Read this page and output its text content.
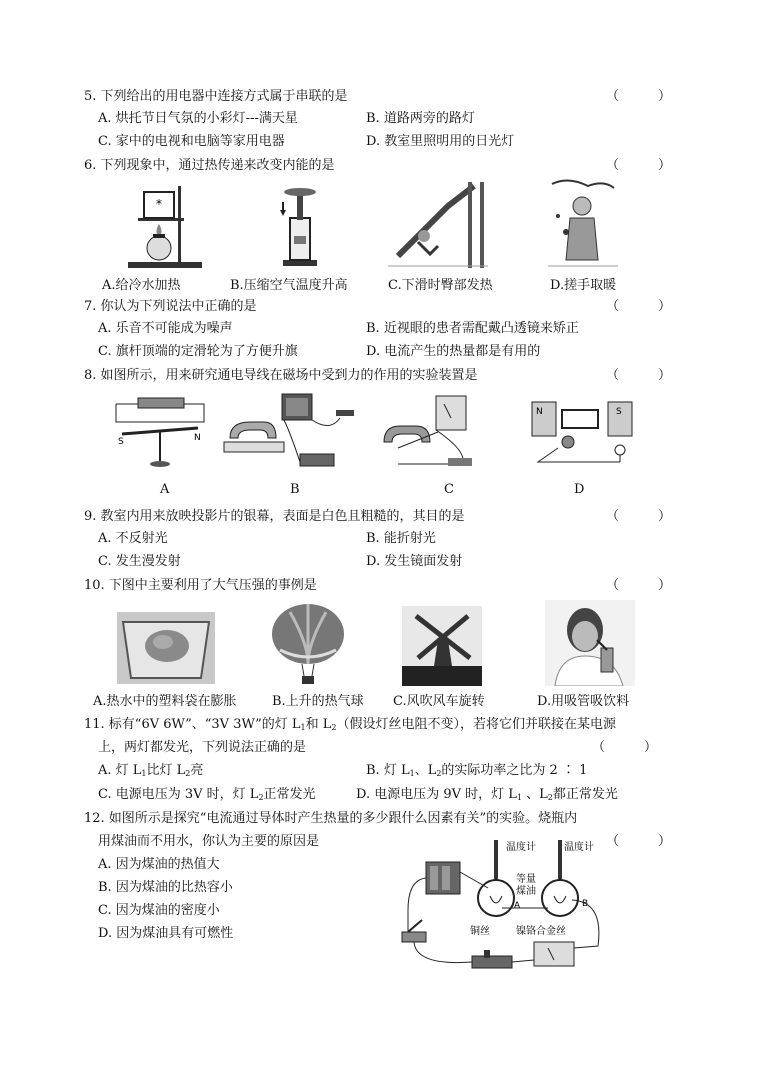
5. 下列给出的用电器中连接方式属于串联的是	（　　　）
A. 烘托节日气氛的小彩灯---满天星	B. 道路两旁的路灯
C. 家中的电视和电脑等家用电器	D. 教室里照明用的日光灯
6. 下列现象中，通过热传递来改变内能的是	（　　　）
*
A.给冷水加热	B.压缩空气温度升高	C.下滑时臀部发热	D.搓手取暖
7. 你认为下列说法中正确的是	（　　　）
A. 乐音不可能成为噪声	B. 近视眼的患者需配戴凸透镜来矫正
C. 旗杆顶端的定滑轮为了方便升旗	D. 电流产生的热量都是有用的
8. 如图所示，用来研究通电导线在磁场中受到力的作用的实验装置是	（　　　）
S	N
N	S
A	B	C	D
9. 教室内用来放映投影片的银幕，表面是白色且粗糙的，其目的是	（　　　）
A. 不反射光	B. 能折射光
C. 发生漫发射	D. 发生镜面发射
10. 下图中主要利用了大气压强的事例是	（　　　）
A.热水中的塑料袋在膨胀	B.上升的热气球 C.风吹风车旋转	D.用吸管吸饮料
11. 标有“6V 6W”、“3V 3W”的灯 $L_1$和 $L_2$（假设灯丝电阻不变），若将它们并联接在某电源
上，两灯都发光，下列说法正确的是	（　　　）
A. 灯 $L_1$比灯 $L_2$亮	B. 灯 $L_1$、$L_2$的实际功率之比为 2 ∶ 1
C. 电源电压为 3V 时，灯 $L_2$正常发光	D. 电源电压为 9V 时，灯 $L_1$ 、$L_2$都正常发光
12. 如图所示是探究“电流通过导体时产生热量的多少跟什么因素有关”的实验。烧瓶内
用煤油而不用水，你认为主要的原因是	（　　　）
A. 因为煤油的热值大
B. 因为煤油的比热容小
C. 因为煤油的密度小
D. 因为煤油具有可燃性
温度计	温度计
等量
煤油
A	B
铜丝	镍铬合金丝
